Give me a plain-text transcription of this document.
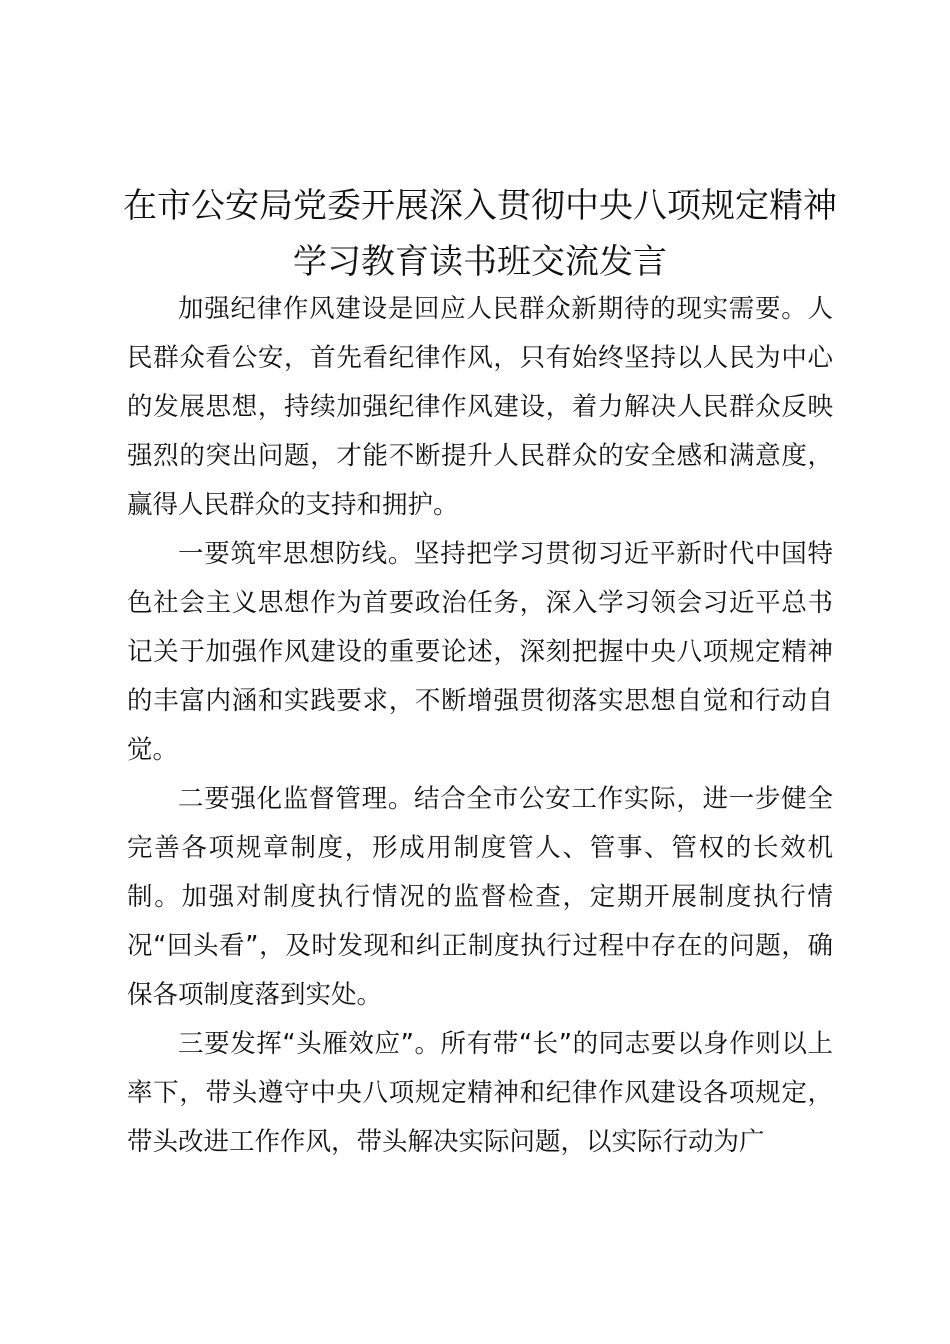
在市公安局党委开展深入贯彻中央八项规定精神学习教育读书班交流发言

加强纪律作风建设是回应人民群众新期待的现实需要。人民群众看公安，首先看纪律作风，只有始终坚持以人民为中心的发展思想，持续加强纪律作风建设，着力解决人民群众反映强烈的突出问题，才能不断提升人民群众的安全感和满意度，赢得人民群众的支持和拥护。

一要筑牢思想防线。坚持把学习贯彻习近平新时代中国特色社会主义思想作为首要政治任务，深入学习领会习近平总书记关于加强作风建设的重要论述，深刻把握中央八项规定精神的丰富内涵和实践要求，不断增强贯彻落实思想自觉和行动自觉。

二要强化监督管理。结合全市公安工作实际，进一步健全完善各项规章制度，形成用制度管人、管事、管权的长效机制。加强对制度执行情况的监督检查，定期开展制度执行情况“回头看”，及时发现和纠正制度执行过程中存在的问题，确保各项制度落到实处。

三要发挥“头雁效应”。所有带“长”的同志要以身作则以上率下，带头遵守中央八项规定精神和纪律作风建设各项规定，带头改进工作作风，带头解决实际问题，以实际行动为广
